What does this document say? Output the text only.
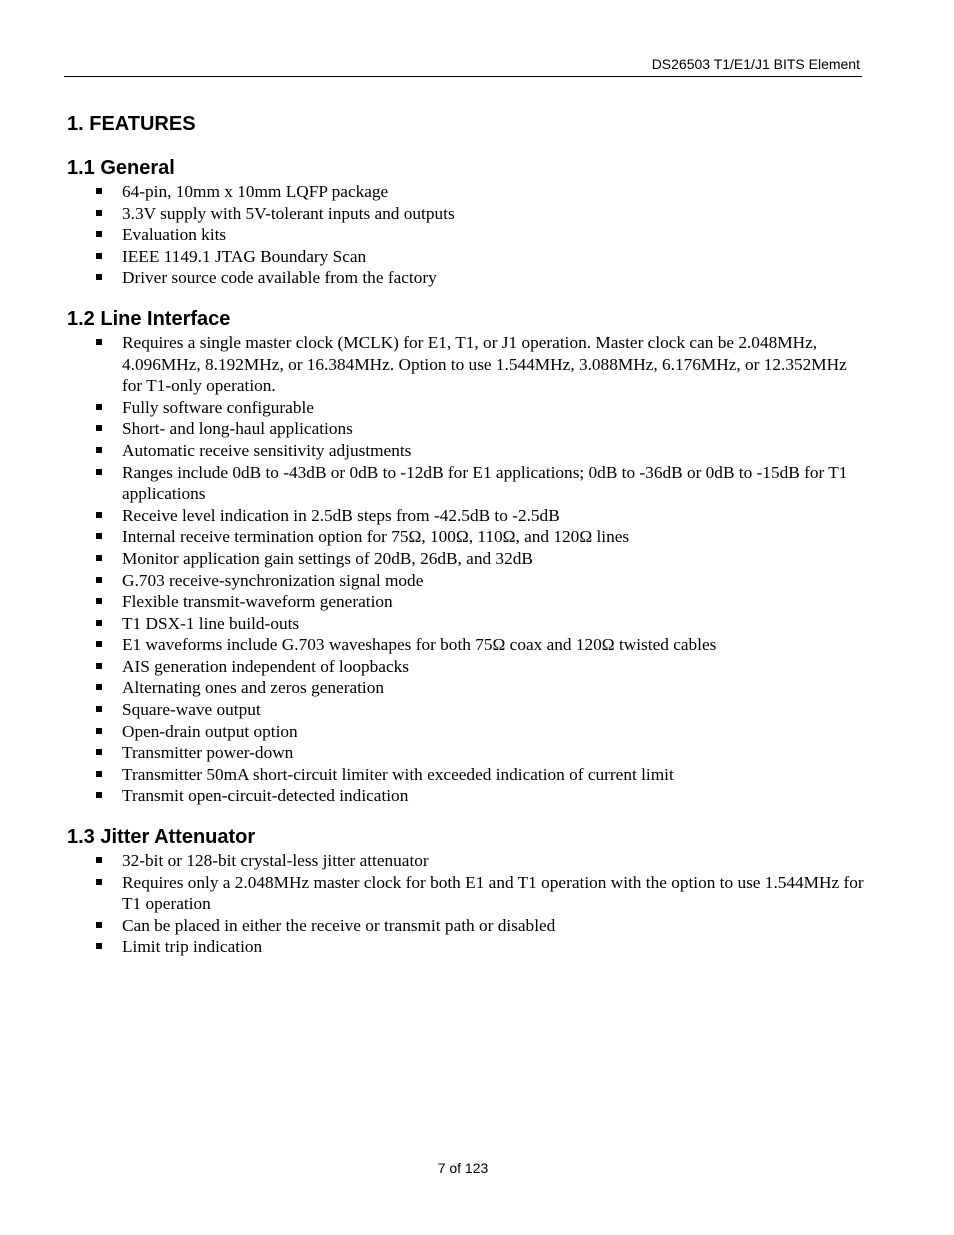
DS26503 T1/E1/J1 BITS Element
1. FEATURES
1.1 General
64-pin, 10mm x 10mm LQFP package
3.3V supply with 5V-tolerant inputs and outputs
Evaluation kits
IEEE 1149.1 JTAG Boundary Scan
Driver source code available from the factory
1.2 Line Interface
Requires a single master clock (MCLK) for E1, T1, or J1 operation. Master clock can be 2.048MHz, 4.096MHz, 8.192MHz, or 16.384MHz. Option to use 1.544MHz, 3.088MHz, 6.176MHz, or 12.352MHz for T1-only operation.
Fully software configurable
Short- and long-haul applications
Automatic receive sensitivity adjustments
Ranges include 0dB to -43dB or 0dB to -12dB for E1 applications; 0dB to -36dB or 0dB to -15dB for T1 applications
Receive level indication in 2.5dB steps from -42.5dB to -2.5dB
Internal receive termination option for 75Ω, 100Ω, 110Ω, and 120Ω lines
Monitor application gain settings of 20dB, 26dB, and 32dB
G.703 receive-synchronization signal mode
Flexible transmit-waveform generation
T1 DSX-1 line build-outs
E1 waveforms include G.703 waveshapes for both 75Ω coax and 120Ω twisted cables
AIS generation independent of loopbacks
Alternating ones and zeros generation
Square-wave output
Open-drain output option
Transmitter power-down
Transmitter 50mA short-circuit limiter with exceeded indication of current limit
Transmit open-circuit-detected indication
1.3 Jitter Attenuator
32-bit or 128-bit crystal-less jitter attenuator
Requires only a 2.048MHz master clock for both E1 and T1 operation with the option to use 1.544MHz for T1 operation
Can be placed in either the receive or transmit path or disabled
Limit trip indication
7 of 123
